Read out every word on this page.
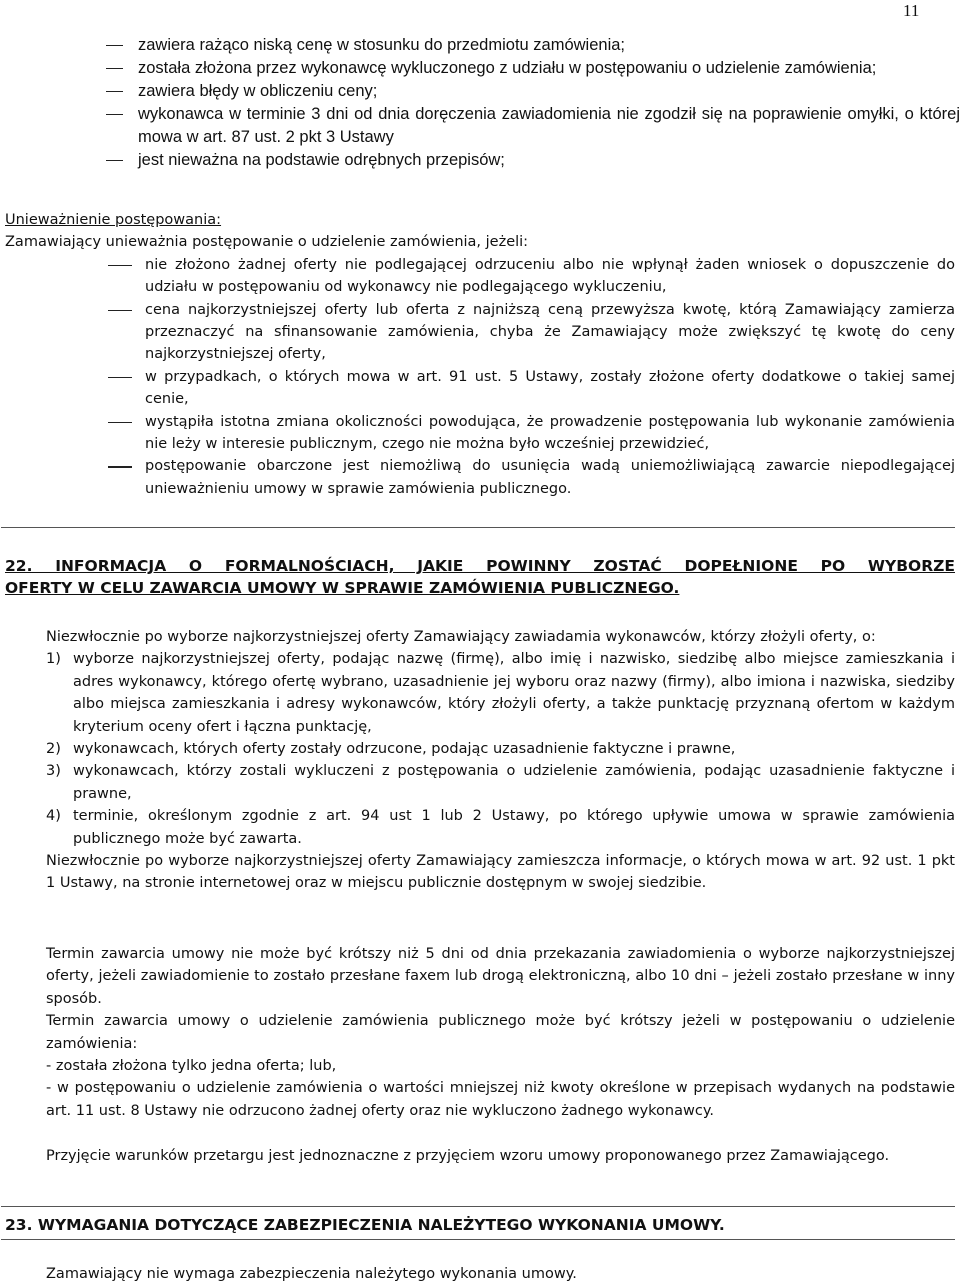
11
zawiera rażąco niską cenę w stosunku do przedmiotu zamówienia;
została złożona przez wykonawcę wykluczonego z udziału w postępowaniu o udzielenie zamówienia;
zawiera błędy w obliczeniu ceny;
wykonawca w terminie 3 dni od dnia doręczenia zawiadomienia nie zgodził się na poprawienie omyłki, o której mowa w art. 87 ust. 2 pkt 3 Ustawy
jest nieważna na podstawie odrębnych przepisów;
Unieważnienie postępowania:
Zamawiający unieważnia postępowanie o udzielenie zamówienia, jeżeli:
nie złożono żadnej oferty nie podlegającej odrzuceniu albo nie wpłynął żaden wniosek o dopuszczenie do udziału w postępowaniu od wykonawcy nie podlegającego wykluczeniu,
cena najkorzystniejszej oferty lub oferta z najniższą ceną przewyższa kwotę, którą Zamawiający zamierza przeznaczyć na sfinansowanie zamówienia, chyba że Zamawiający może zwiększyć tę kwotę do ceny najkorzystniejszej oferty,
w przypadkach, o których mowa w art. 91 ust. 5 Ustawy, zostały złożone oferty dodatkowe o takiej samej cenie,
wystąpiła istotna zmiana okoliczności powodująca, że prowadzenie postępowania lub wykonanie zamówienia nie leży w interesie publicznym, czego nie można było wcześniej przewidzieć,
postępowanie obarczone jest niemożliwą do usunięcia wadą uniemożliwiającą zawarcie niepodlegającej unieważnieniu umowy w sprawie zamówienia publicznego.
22. INFORMACJA O FORMALNOŚCIACH, JAKIE POWINNY ZOSTAĆ DOPEŁNIONE PO WYBORZE
OFERTY W CELU ZAWARCIA UMOWY W SPRAWIE ZAMÓWIENIA PUBLICZNEGO.
Niezwłocznie po wyborze najkorzystniejszej oferty Zamawiający zawiadamia wykonawców, którzy złożyli oferty, o:
1) wyborze najkorzystniejszej oferty, podając nazwę (firmę), albo imię i nazwisko, siedzibę albo miejsce zamieszkania i adres wykonawcy, którego ofertę wybrano, uzasadnienie jej wyboru oraz nazwy (firmy), albo imiona i nazwiska, siedziby albo miejsca zamieszkania i adresy wykonawców, który złożyli oferty, a także punktację przyznaną ofertom w każdym kryterium oceny ofert i łączna punktację,
2) wykonawcach, których oferty zostały odrzucone, podając uzasadnienie faktyczne i prawne,
3) wykonawcach, którzy zostali wykluczeni z postępowania o udzielenie zamówienia, podając uzasadnienie faktyczne i prawne,
4) terminie, określonym zgodnie z art. 94 ust 1 lub 2 Ustawy, po którego upływie umowa w sprawie zamówienia publicznego może być zawarta.
Niezwłocznie po wyborze najkorzystniejszej oferty Zamawiający zamieszcza informacje, o których mowa w art. 92 ust. 1 pkt 1 Ustawy, na stronie internetowej oraz w miejscu publicznie dostępnym w swojej siedzibie.
Termin zawarcia umowy nie może być krótszy niż 5 dni od dnia przekazania zawiadomienia o wyborze najkorzystniejszej oferty, jeżeli zawiadomienie to zostało przesłane faxem lub drogą elektroniczną, albo 10 dni – jeżeli zostało przesłane w inny sposób.
Termin zawarcia umowy o udzielenie zamówienia publicznego może być krótszy jeżeli w postępowaniu o udzielenie zamówienia:
- została złożona tylko jedna oferta; lub,
- w postępowaniu o udzielenie zamówienia o wartości mniejszej niż kwoty określone w przepisach wydanych na podstawie art. 11 ust. 8 Ustawy nie odrzucono żadnej oferty oraz nie wykluczono żadnego wykonawcy.
Przyjęcie warunków przetargu jest jednoznaczne z przyjęciem wzoru umowy proponowanego przez Zamawiającego.
23. WYMAGANIA DOTYCZĄCE ZABEZPIECZENIA NALEŻYTEGO WYKONANIA UMOWY.
Zamawiający nie wymaga zabezpieczenia należytego wykonania umowy.
